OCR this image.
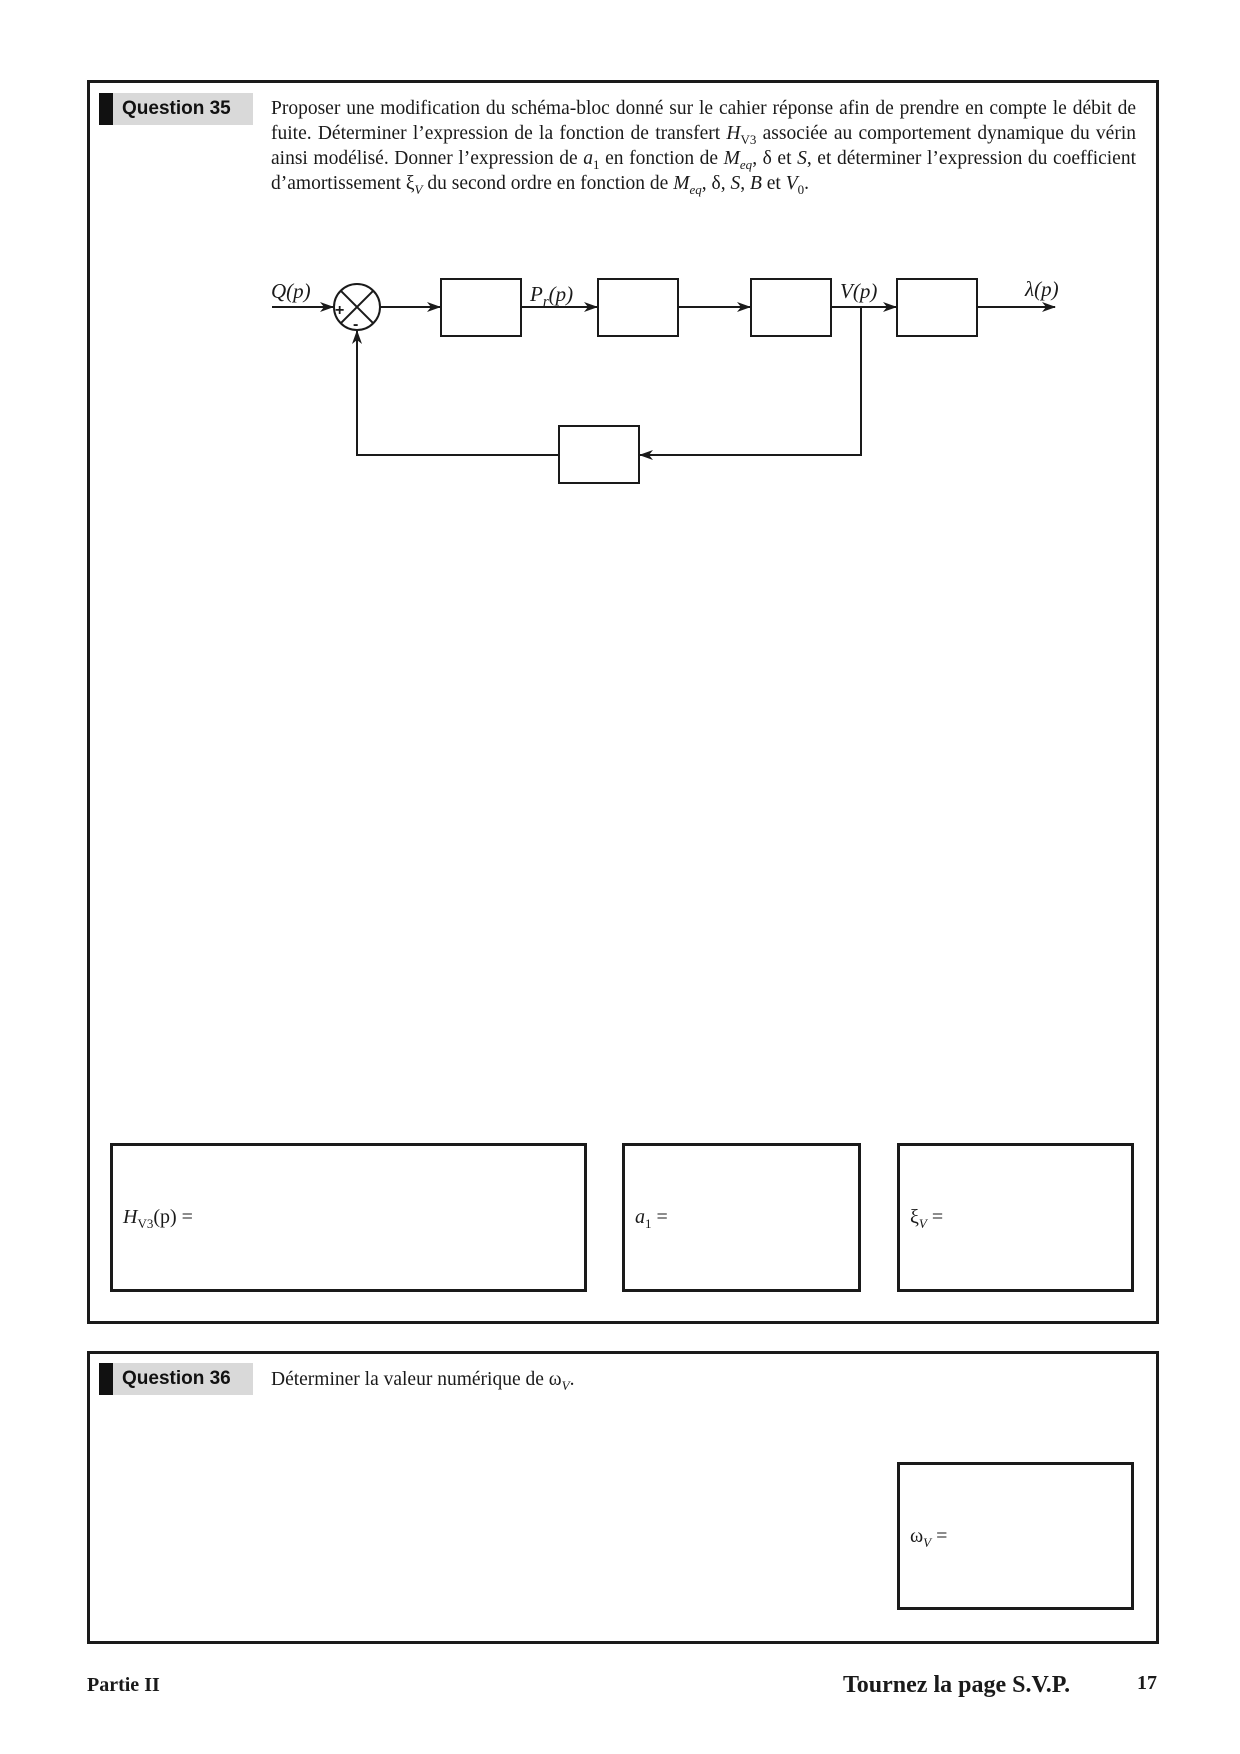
Question 35	Proposer une modification du schéma-bloc donné sur le cahier réponse afin de prendre en compte le débit de fuite. Déterminer l’expression de la fonction de transfert $H_{V3}$ associée au comportement dynamique du vérin ainsi modélisé. Donner l’expression de $a_1$ en fonction de $M_{eq}$, δ et S, et déterminer l’expression du coefficient d’amortissement $\xi_V$ du second ordre en fonction de $M_{eq}$, δ, S, B et $V_0$.
+
-
Q(p)	$P_r(p)$	V(p)	λ(p)
$H_{V3}(p)$ =	$a_1$ =	$\xi_V$ =
Question 36	Déterminer la valeur numérique de $\omega_V$.
$\omega_V$ =
Partie II	Tournez la page S.V.P.	17
